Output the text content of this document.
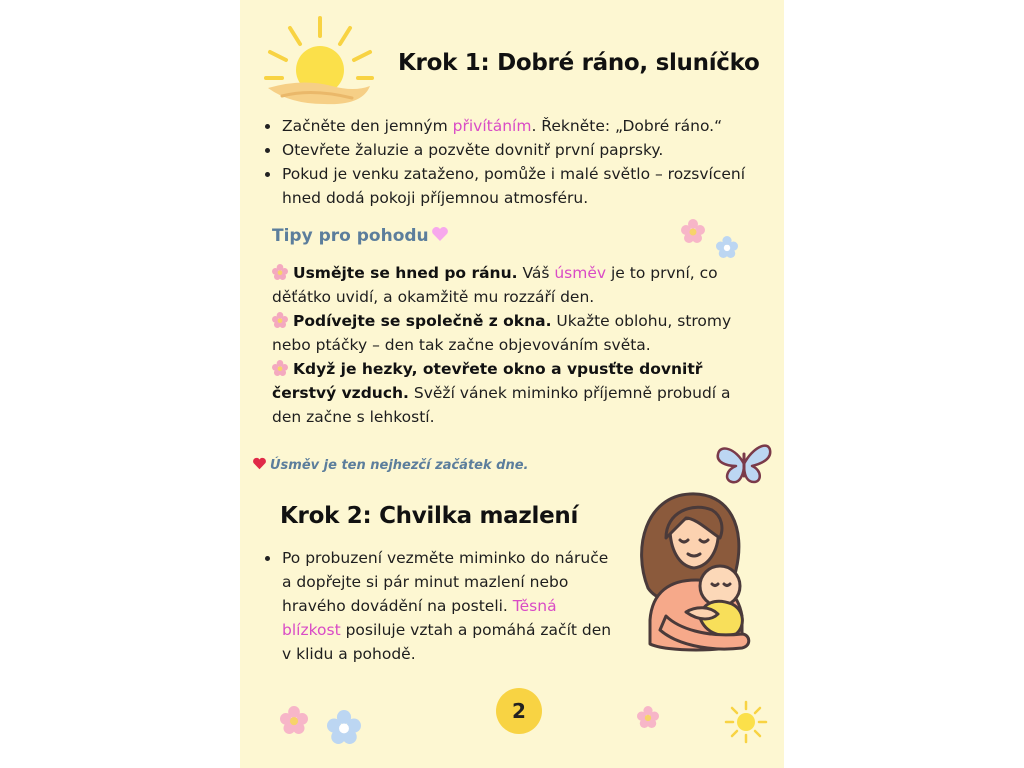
Krok 1: Dobré ráno, sluníčko
Začněte den jemným přivítáním. Řekněte: „Dobré ráno.“
Otevřete žaluzie a pozvěte dovnitř první paprsky.
Pokud je venku zataženo, pomůže i malé světlo – rozsvícení hned dodá pokoji příjemnou atmosféru.
Tipy pro pohodu
Usmějte se hned po ránu. Váš úsměv je to první, co děťátko uvidí, a okamžitě mu rozzáří den.
Podívejte se společně z okna. Ukažte oblohu, stromy nebo ptáčky – den tak začne objevováním světa.
Když je hezky, otevřete okno a vpusťte dovnitř čerstvý vzduch. Svěží vánek miminko příjemně probudí a den začne s lehkostí.
Úsměv je ten nejhezčí začátek dne.
Krok 2: Chvilka mazlení
Po probuzení vezměte miminko do náruče a dopřejte si pár minut mazlení nebo hravého dovádění na posteli. Těsná blízkost posiluje vztah a pomáhá začít den v klidu a pohodě.
2
